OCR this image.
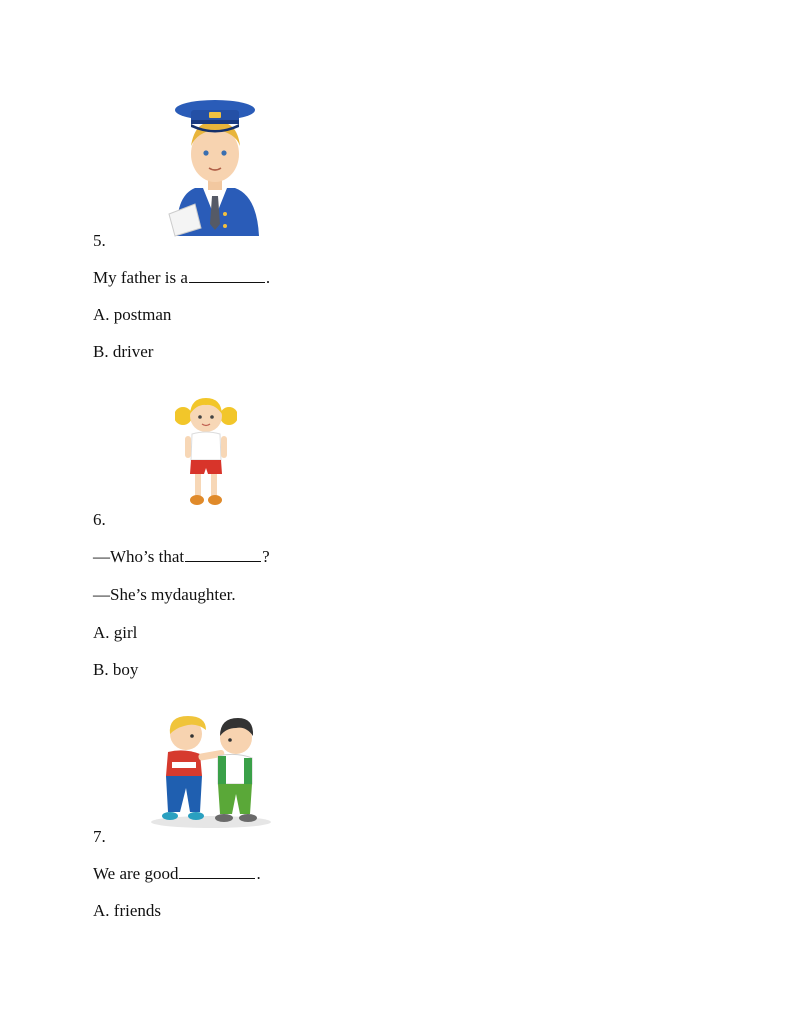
5.
My father is a	.
A. postman
B. driver
6.
—Who’s that	?
—She’s mydaughter.
A. girl
B. boy
7.
We are good	.
A. friends
